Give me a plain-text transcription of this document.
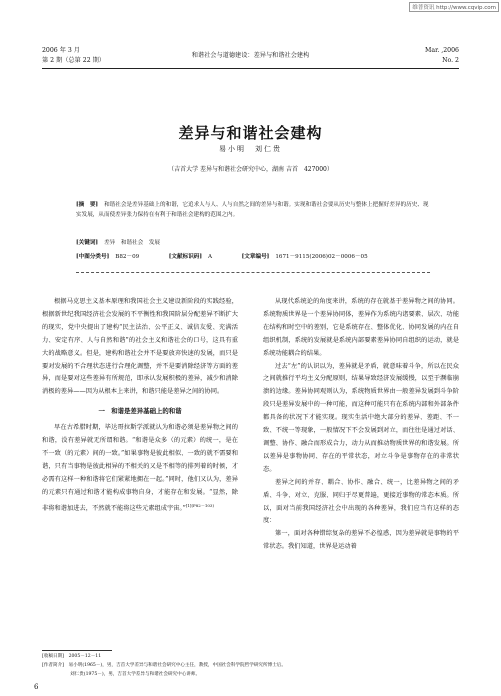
维普资讯 http://www.cqvip.com
2006 年 3 月
第 2 期（总第 22 期）
和谐社会与道德建设：差异与和谐社会建构
Mar. ,2006
No. 2
差异与和谐社会建构
易小明　刘仁贵
（吉首大学 差异与和谐社会研究中心，湖南 吉首　427000）
[摘　要] 和谐社会是差异基础上的和谐，它追求人与人、人与自然之间的差异与和谐。实现和谐社会要从历史与整体上把握好差异的历史、现实发展，从而使差异张力保持在有利于和谐社会建构的范围之内。
[关键词] 差异　和谐社会　发展
[中图分类号] B82－09	[文献标识码] A	[文章编号] 1671－9115(2006)02－0006－05

根据马克思主义基本原理和我国社会主义建设新阶段的实践经验，根据新世纪我国经济社会发展的不平衡性和我国阶层分配差异不断扩大的现实，党中央提出了建构“民主法治、公平正义、诚信友爱、充满活力、安定有序、人与自然和谐”的社会主义和谐社会的口号，这具有重大的战略意义。但是，建构和谐社会并不是要放弃快速的发展，而只是要对发展的不合理状态进行合理化调整，并不是要消除经济等方面的差异，而是要对这些差异有所规范，即承认发展积极的差异，减少和消除消极的差异——因为从根本上来讲，和谐只能是差异之间的协同。

一　和谐是差异基础上的和谐

早在古希腊时期，毕达哥拉斯学派就认为和谐必须是差异物之间的和谐，没有差异就无所谓和谐。“和谐是众多（的元素）的统一，是在不一致（的元素）间的一致。”如果事物是彼此相似、一致的就不需要和谐，只有当事物是彼此相异的不相关的又是不相等的排列着的时候，才必需有这样一种和谐将它们紧紧地拥在一起。”同时，他们又认为，差异的元素只有通过和谐才能构成事物自身，才能存在和发展。“显然，除非将和谐加进去，不然就不能将这些元素组成宇宙。”$^{[1](P82-103)}$

从现代系统论的角度来讲，系统的存在就基于差异物之间的协同。系统物质世界是一个差异协同体，差异作为系统内诸要素、层次、功能在结构和时空中的差别，它是系统存在、整体优化、协同发展的内在自组织机制，系统的发展就是系统内部要素差异协同自组织的运动，就是系统功能耦合的结果。

过去“左”的认识以为，差异就是矛盾，就意味着斗争，所以在民众之间就推行平均主义分配原则，结果导致经济发展缓慢，以至于濒临崩溃的边缘。差异协同观则认为，系统物质世界由一般差异发展到斗争阶段只是差异发展中的一种可能，而这种可能只有在系统内部和外部条件都具备的状况下才能实现。现实生活中绝大部分的差异、差距、不一致、不统一等现象，一般情况下不会发展到对立，而往往是通过对话、调整、协作、融合而形成合力，动力从而推动物质世界的和谐发展。所以差异是事物协同、存在的平常状态，对立斗争是事物存在的非常状态。

差异之间的并存、耦合、协作、融合、统一，比差异物之间的矛盾、斗争、对立、克服、同归于尽更普遍，更接近事物的常态本质。所以，面对当前我国经济社会中出现的各种差异，我们应当有这样的态度：

第一，面对各种错综复杂的差异不必惶惑，因为差异就是事物的平常状态。我们知道，世界是运动着

[收稿日期]　 2005－12－11
[作者简介]　 易小明(1965－)，男，吉首大学差异与和谐社会研究中心主任，教授，中国社会科学院哲学研究所博士后。
刘仁贵(1975－)，男，吉首大学差异与和谐社会研究中心讲师。
6
